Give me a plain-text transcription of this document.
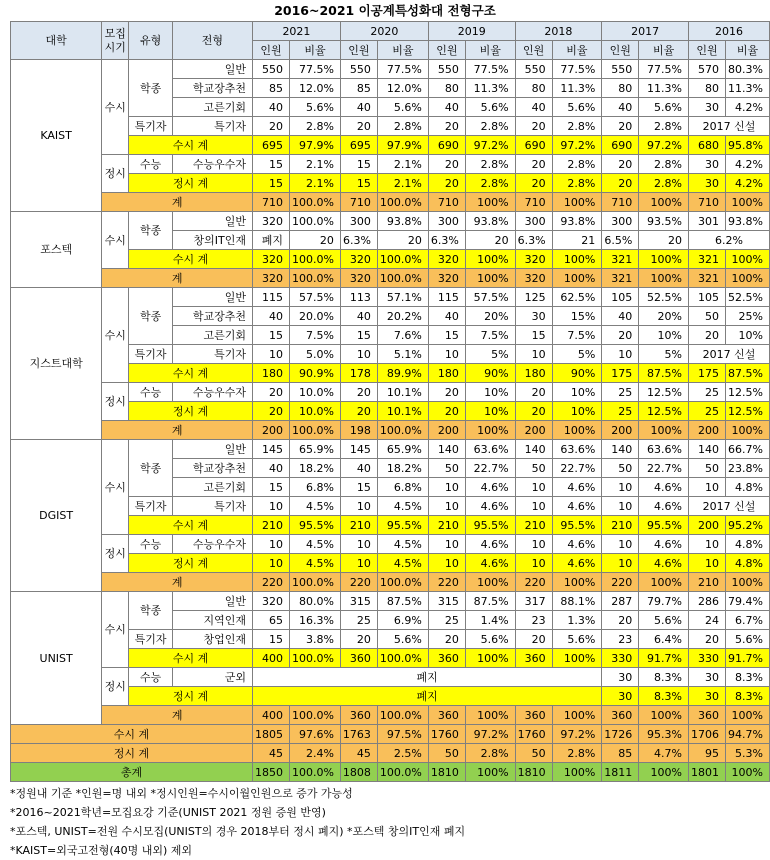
2016~2021 이공계특성화대 전형구조
대학	모집
시기	유형	전형	2021		2020		2019		2018		2017		2016	
				인원	비율	인원	비율	인원	비율	인원	비율	인원	비율	인원	비율
KAIST	수시	학종	일반	550	77.5%	550	77.5%	550	77.5%	550	77.5%	550	77.5%	570	80.3%
			학교장추천	85	12.0%	85	12.0%	80	11.3%	80	11.3%	80	11.3%	80	11.3%
			고른기회	40	5.6%	40	5.6%	40	5.6%	40	5.6%	40	5.6%	30	4.2%
		특기자	특기자	20	2.8%	20	2.8%	20	2.8%	20	2.8%	20	2.8%	2017 신설	
		수시 계		695	97.9%	695	97.9%	690	97.2%	690	97.2%	690	97.2%	680	95.8%
	정시	수능	수능우수자	15	2.1%	15	2.1%	20	2.8%	20	2.8%	20	2.8%	30	4.2%
		정시 계		15	2.1%	15	2.1%	20	2.8%	20	2.8%	20	2.8%	30	4.2%
	계			710	100.0%	710	100.0%	710	100%	710	100%	710	100%	710	100%
포스텍	수시	학종	일반	320	100.0%	300	93.8%	300	93.8%	300	93.8%	300	93.5%	301	93.8%
			창의IT인재	폐지	20	6.3%	20	6.3%	20	6.3%	21	6.5%	20	6.2%	
		수시 계		320	100.0%	320	100.0%	320	100%	320	100%	321	100%	321	100%
	계			320	100.0%	320	100.0%	320	100%	320	100%	321	100%	321	100%
지스트대학	수시	학종	일반	115	57.5%	113	57.1%	115	57.5%	125	62.5%	105	52.5%	105	52.5%
			학교장추천	40	20.0%	40	20.2%	40	20%	30	15%	40	20%	50	25%
			고른기회	15	7.5%	15	7.6%	15	7.5%	15	7.5%	20	10%	20	10%
		특기자	특기자	10	5.0%	10	5.1%	10	5%	10	5%	10	5%	2017 신설	
		수시 계		180	90.9%	178	89.9%	180	90%	180	90%	175	87.5%	175	87.5%
	정시	수능	수능우수자	20	10.0%	20	10.1%	20	10%	20	10%	25	12.5%	25	12.5%
		정시 계		20	10.0%	20	10.1%	20	10%	20	10%	25	12.5%	25	12.5%
	계			200	100.0%	198	100.0%	200	100%	200	100%	200	100%	200	100%
DGIST	수시	학종	일반	145	65.9%	145	65.9%	140	63.6%	140	63.6%	140	63.6%	140	66.7%
			학교장추천	40	18.2%	40	18.2%	50	22.7%	50	22.7%	50	22.7%	50	23.8%
			고른기회	15	6.8%	15	6.8%	10	4.6%	10	4.6%	10	4.6%	10	4.8%
		특기자	특기자	10	4.5%	10	4.5%	10	4.6%	10	4.6%	10	4.6%	2017 신설	
		수시 계		210	95.5%	210	95.5%	210	95.5%	210	95.5%	210	95.5%	200	95.2%
	정시	수능	수능우수자	10	4.5%	10	4.5%	10	4.6%	10	4.6%	10	4.6%	10	4.8%
		정시 계		10	4.5%	10	4.5%	10	4.6%	10	4.6%	10	4.6%	10	4.8%
	계			220	100.0%	220	100.0%	220	100%	220	100%	220	100%	210	100%
UNIST	수시	학종	일반	320	80.0%	315	87.5%	315	87.5%	317	88.1%	287	79.7%	286	79.4%
			지역인재	65	16.3%	25	6.9%	25	1.4%	23	1.3%	20	5.6%	24	6.7%
		특기자	창업인재	15	3.8%	20	5.6%	20	5.6%	20	5.6%	23	6.4%	20	5.6%
		수시 계		400	100.0%	360	100.0%	360	100%	360	100%	330	91.7%	330	91.7%
	정시	수능	군외	폐지								30	8.3%	30	8.3%
		정시 계		폐지								30	8.3%	30	8.3%
	계			400	100.0%	360	100.0%	360	100%	360	100%	360	100%	360	100%
수시 계				1805	97.6%	1763	97.5%	1760	97.2%	1760	97.2%	1726	95.3%	1706	94.7%
정시 계				45	2.4%	45	2.5%	50	2.8%	50	2.8%	85	4.7%	95	5.3%
총계				1850	100.0%	1808	100.0%	1810	100%	1810	100%	1811	100%	1801	100%
*정원내 기준 *인원=명 내외 *정시인원=수시이월인원으로 증가 가능성
*2016~2021학년=모집요강 기준(UNIST 2021 정원 증원 반영)
*포스텍, UNIST=전원 수시모집(UNIST의 경우 2018부터 정시 폐지) *포스텍 창의IT인재 폐지
*KAIST=외국고전형(40명 내외) 제외
